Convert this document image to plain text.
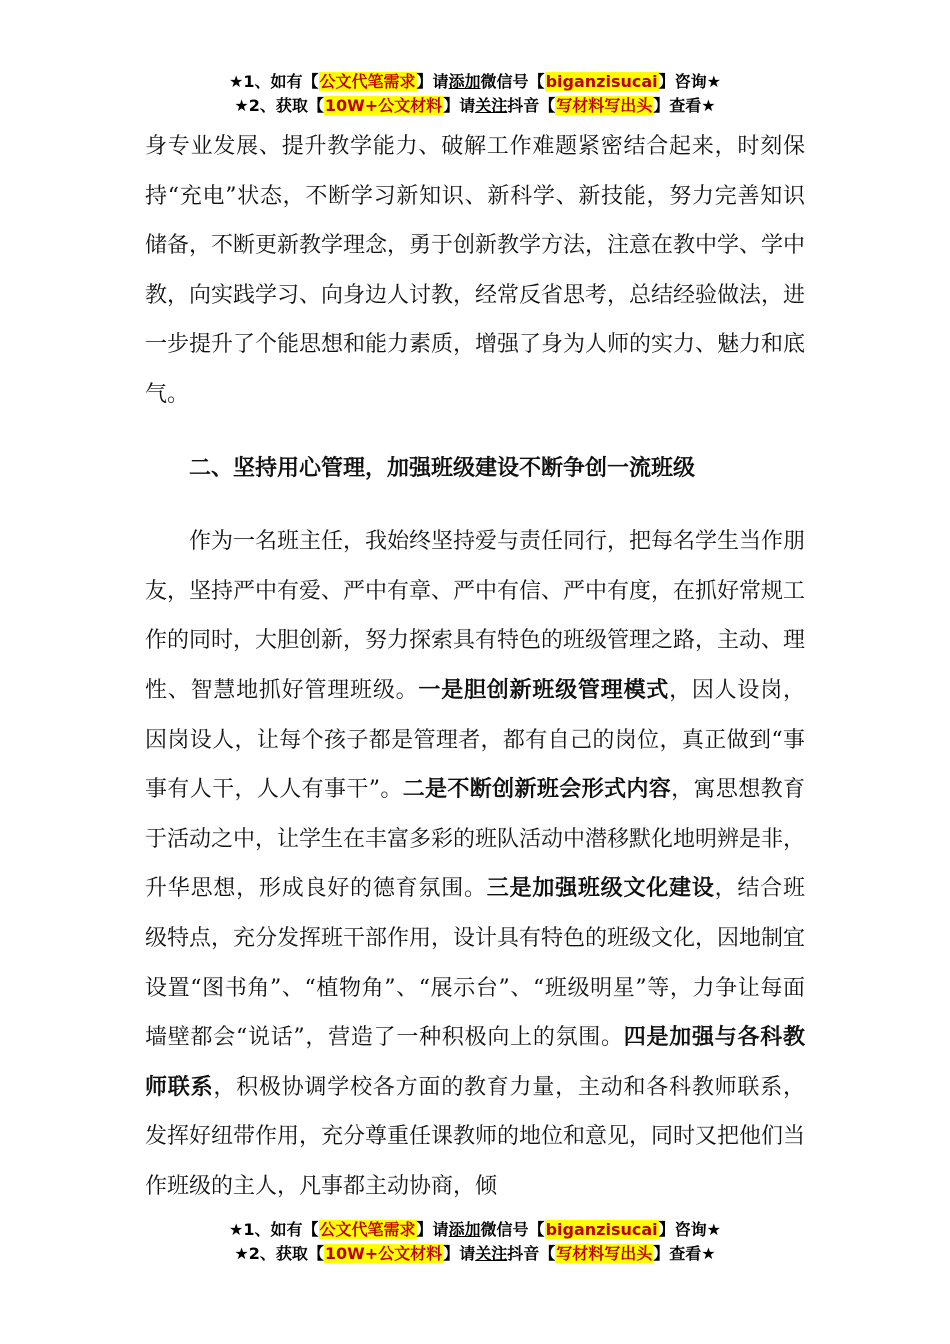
★1、如有【公文代笔需求】请添加微信号【biganzisucai】咨询★
★2、获取【10W+公文材料】请关注抖音【写材料写出头】查看★

身专业发展、提升教学能力、破解工作难题紧密结合起来，时刻保持“充电”状态，不断学习新知识、新科学、新技能，努力完善知识储备，不断更新教学理念，勇于创新教学方法，注意在教中学、学中教，向实践学习、向身边人讨教，经常反省思考，总结经验做法，进一步提升了个能思想和能力素质，增强了身为人师的实力、魅力和底气。

二、坚持用心管理，加强班级建设不断争创一流班级

作为一名班主任，我始终坚持爱与责任同行，把每名学生当作朋友，坚持严中有爱、严中有章、严中有信、严中有度，在抓好常规工作的同时，大胆创新，努力探索具有特色的班级管理之路，主动、理性、智慧地抓好管理班级。一是胆创新班级管理模式，因人设岗，因岗设人，让每个孩子都是管理者，都有自己的岗位，真正做到“事事有人干，人人有事干”。二是不断创新班会形式内容，寓思想教育于活动之中，让学生在丰富多彩的班队活动中潜移默化地明辨是非，升华思想，形成良好的德育氛围。三是加强班级文化建设，结合班级特点，充分发挥班干部作用，设计具有特色的班级文化，因地制宜设置“图书角”、“植物角”、“展示台”、“班级明星”等，力争让每面墙壁都会“说话”，营造了一种积极向上的氛围。四是加强与各科教师联系，积极协调学校各方面的教育力量，主动和各科教师联系，发挥好纽带作用，充分尊重任课教师的地位和意见，同时又把他们当作班级的主人，凡事都主动协商，倾

★1、如有【公文代笔需求】请添加微信号【biganzisucai】咨询★
★2、获取【10W+公文材料】请关注抖音【写材料写出头】查看★
